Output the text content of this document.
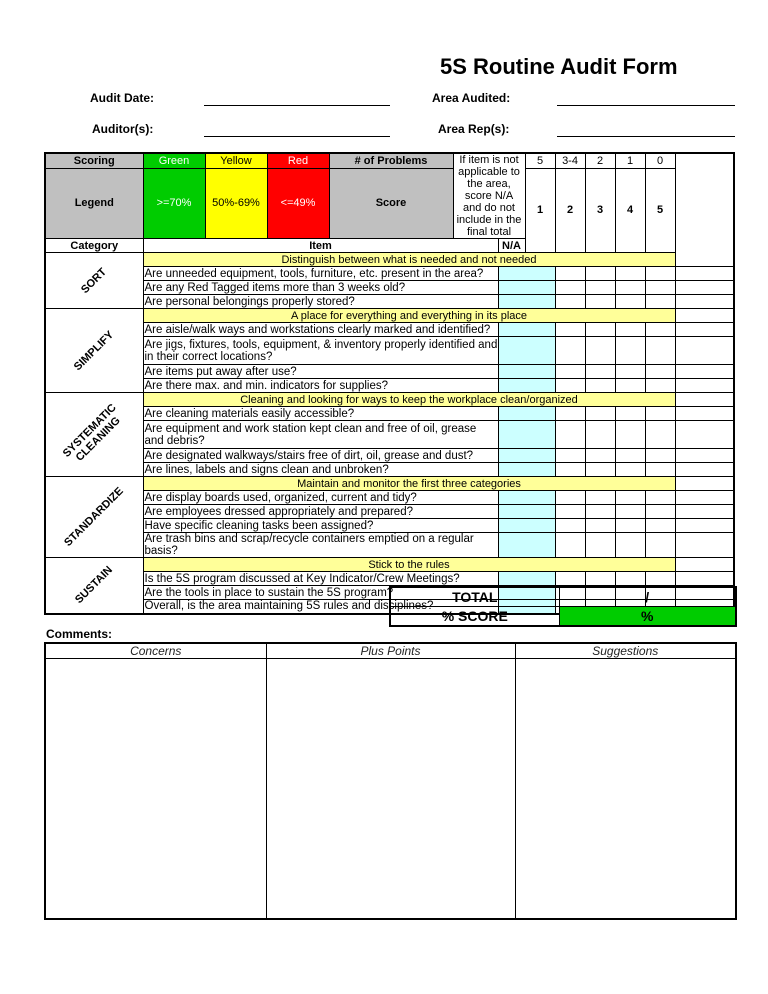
5S Routine Audit Form
Audit Date:	Area Audited:
Auditor(s):	Area Rep(s):
Scoring	Green	Yellow	Red	# of Problems	If item is not applicable to the area, score N/A and do not include in the final total		5	3-4	2	1	0	
Legend	>=70%	50%-69%	<=49%	Score			1	2	3	4	5	
Category	Item					N/A						

SORT	Distinguish between what is needed and not needed											
	Are unneeded equipment, tools, furniture, etc. present in the area?											
	Are any Red Tagged items more than 3 weeks old?											
	Are personal belongings properly stored?											

SIMPLIFY	A place for everything and everything in its place											
	Are aisle/walk ways and workstations clearly marked and identified?											
	Are jigs, fixtures, tools, equipment, & inventory properly identified and in their correct locations?											
	Are items put away after use?											
	Are there max. and min. indicators for supplies?											

SYSTEMATIC CLEANING	Cleaning and looking for ways to keep the workplace clean/organized											
	Are cleaning materials easily accessible?											
	Are equipment and work station kept clean and free of oil, grease and debris?											
	Are designated walkways/stairs free of dirt, oil, grease and dust?											
	Are lines, labels and signs clean and unbroken?											

STANDARDIZE	Maintain and monitor the first three categories											
	Are display boards used, organized, current and tidy?											
	Are employees dressed appropriately and prepared?											
	Have specific cleaning tasks been assigned?											
	Are trash bins and scrap/recycle containers emptied on a regular basis?											

SUSTAIN	Stick to the rules											
	Is the 5S program discussed at Key Indicator/Crew Meetings?											
	Are the tools in place to sustain the 5S program?											
	Overall, is the area maintaining 5S rules and disciplines?											
TOTAL	/
% SCORE	%
Comments:
Concerns	Plus Points	Suggestions
